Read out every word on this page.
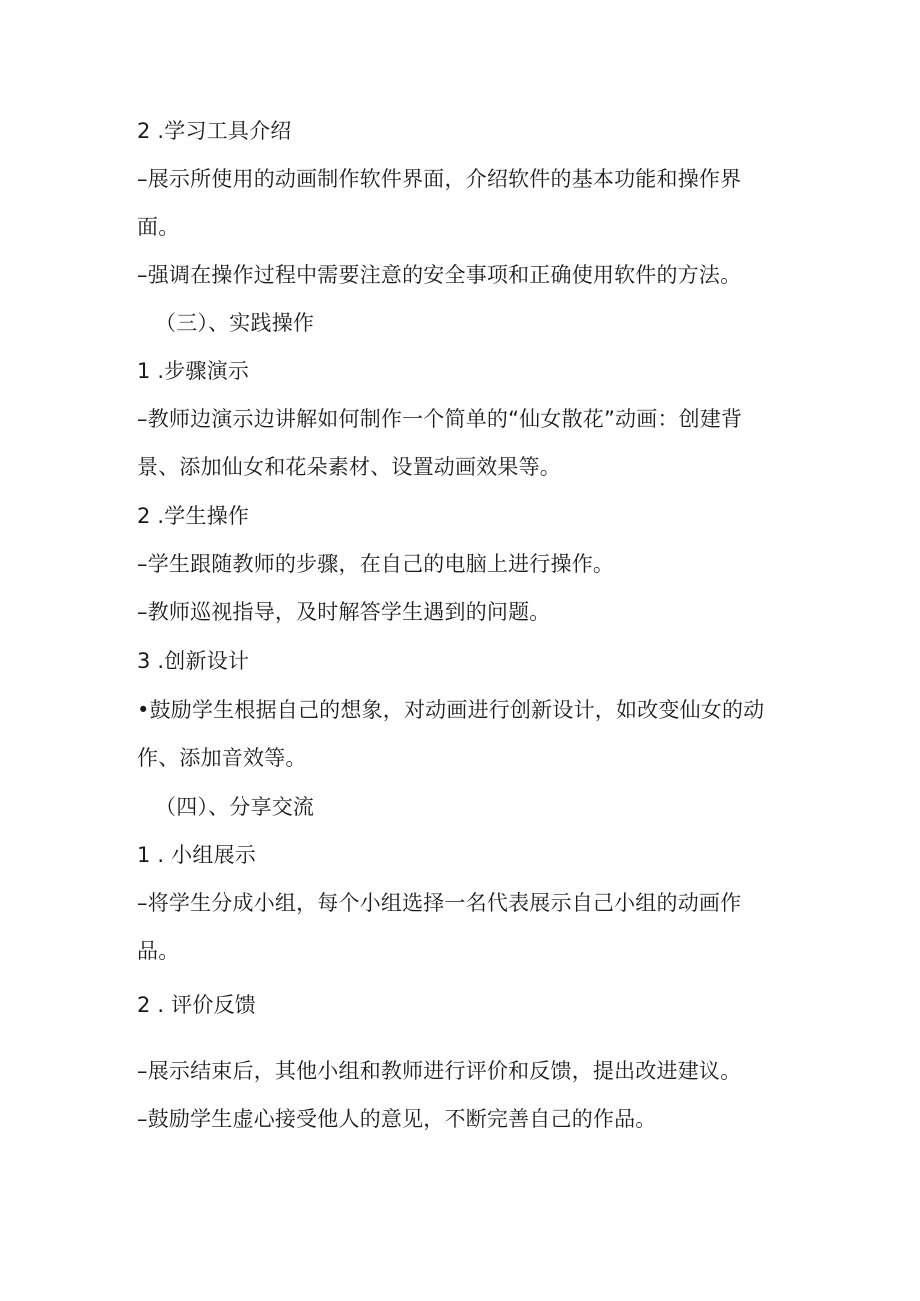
2 .学习工具介绍
–展示所使用的动画制作软件界面，介绍软件的基本功能和操作界
面。
–强调在操作过程中需要注意的安全事项和正确使用软件的方法。
（三）、实践操作
1 .步骤演示
–教师边演示边讲解如何制作一个简单的“仙女散花”动画：创建背
景、添加仙女和花朵素材、设置动画效果等。
2 .学生操作
–学生跟随教师的步骤，在自己的电脑上进行操作。
–教师巡视指导，及时解答学生遇到的问题。
3 .创新设计
•鼓励学生根据自己的想象，对动画进行创新设计，如改变仙女的动
作、添加音效等。
（四）、分享交流
1 . 小组展示
–将学生分成小组，每个小组选择一名代表展示自己小组的动画作
品。
2 . 评价反馈
–展示结束后，其他小组和教师进行评价和反馈，提出改进建议。
–鼓励学生虚心接受他人的意见，不断完善自己的作品。
